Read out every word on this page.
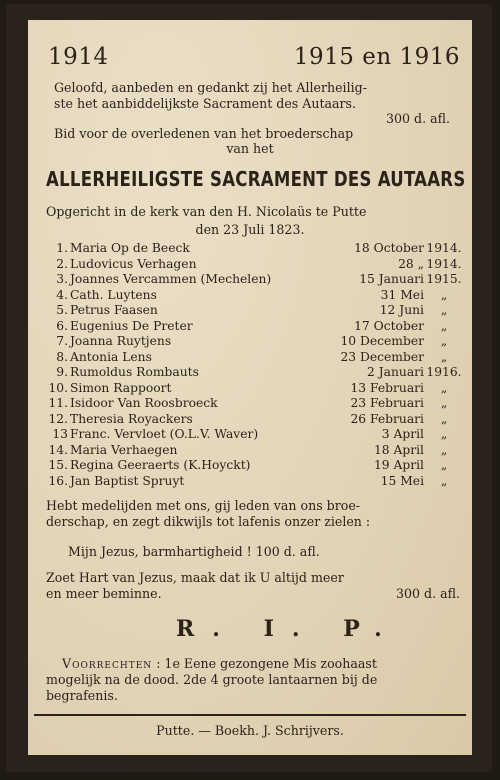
1914	1915 en 1916
Geloofd, aanbeden en gedankt zij het Allerheilig-
ste het aanbiddelijkste Sacrament des Autaars.
300 d. afl.
Bid voor de overledenen van het broederschap
van het
ALLERHEILIGSTE SACRAMENT DES AUTAARS
Opgericht in de kerk van den H. Nicolaüs te Putte
den 23 Juli 1823.
1. Maria Op de Beeck	18 October 1914.
2. Ludovicus Verhagen	28 „ 1914.
3. Joannes Vercammen (Mechelen)	15 Januari 1915.
4. Cath. Luytens	31 Mei	„
5. Petrus Faasen	12 Juni	„
6. Eugenius De Preter	17 October	„
7. Joanna Ruytjens	10 December	„
8. Antonia Lens	23 December	„
9. Rumoldus Rombauts	2 Januari 1916.
10. Simon Rappoort	13 Februari	„
11. Isidoor Van Roosbroeck	23 Februari	„
12. Theresia Royackers	26 Februari	„
13 Franc. Vervloet (O.L.V. Waver)	3 April	„
14. Maria Verhaegen	18 April	„
15. Regina Geeraerts (K.Hoyckt)	19 April	„
16. Jan Baptist Spruyt	15 Mei	„
Hebt medelijden met ons, gij leden van ons broe-
derschap, en zegt dikwijls tot lafenis onzer zielen :
Mijn Jezus, barmhartigheid ! 100 d. afl.
Zoet Hart van Jezus, maak dat ik U altijd meer
en meer beminne.	300 d. afl.
R. I. P.
Voorrechten : 1e Eene gezongene Mis zoohaast
mogelijk na de dood. 2de 4 groote lantaarnen bij de
begrafenis.
Putte. — Boekh. J. Schrijvers.
